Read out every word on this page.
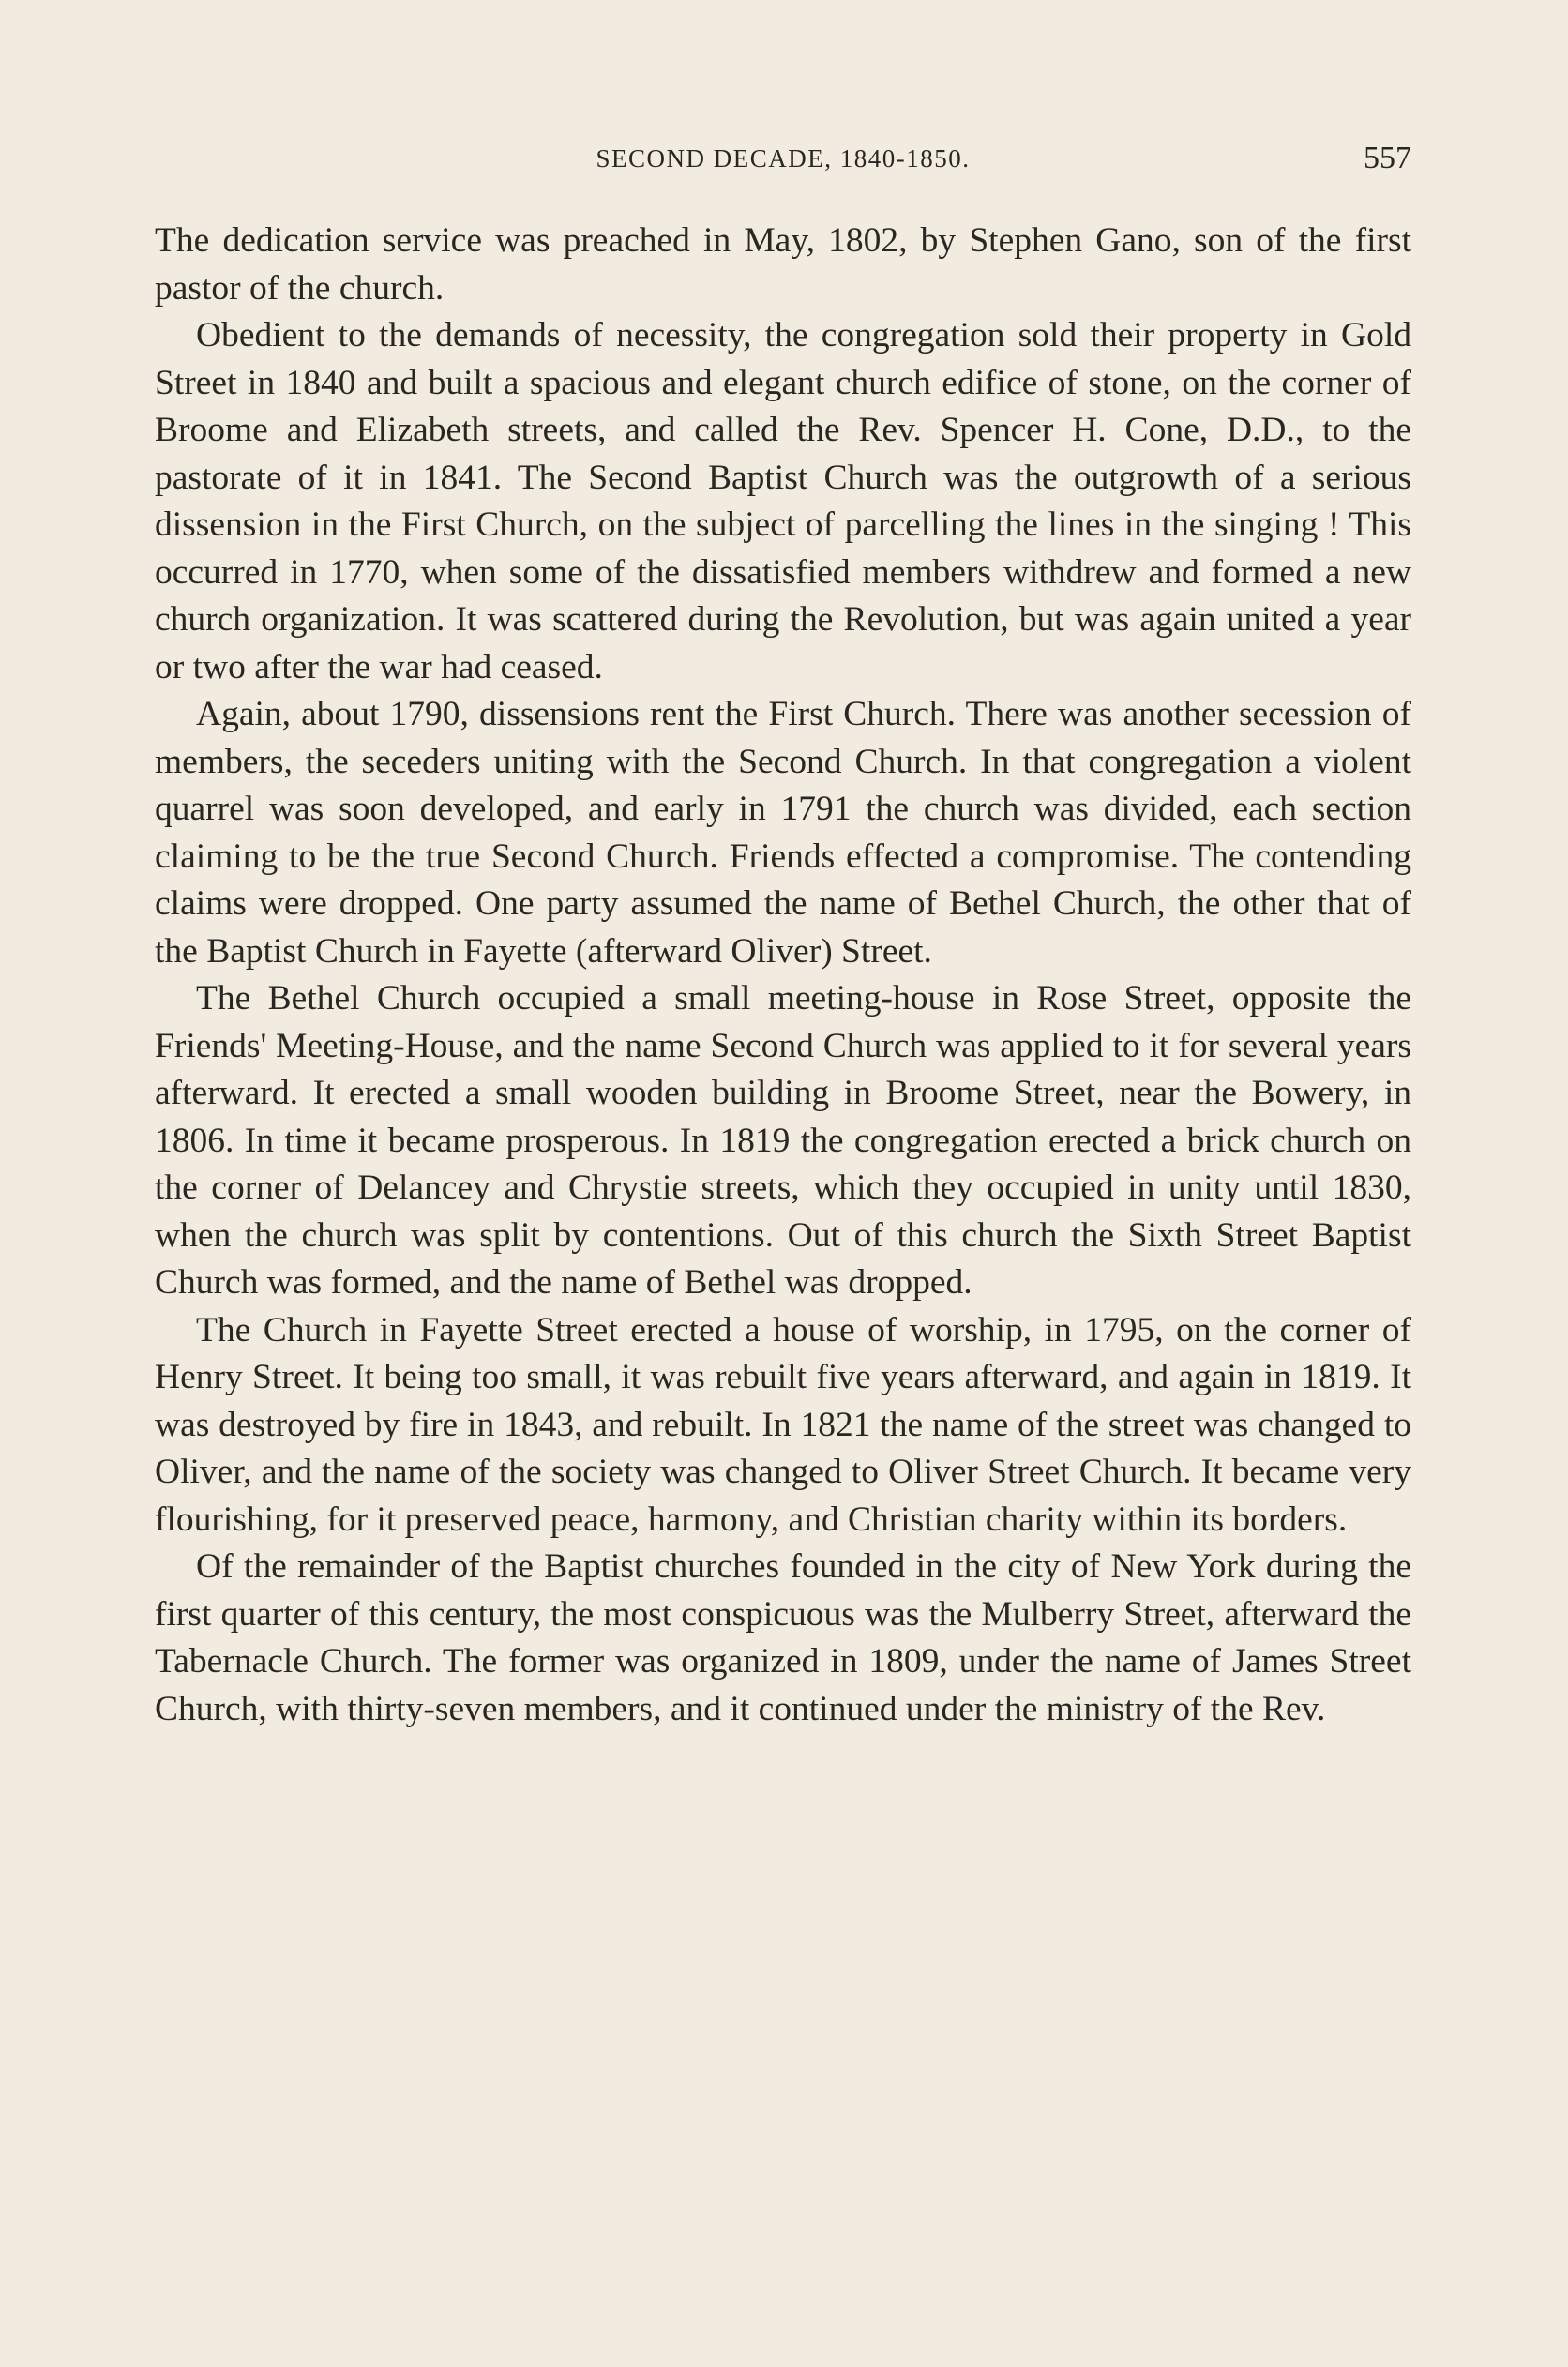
SECOND DECADE, 1840-1850.	557

The dedication service was preached in May, 1802, by Stephen Gano, son of the first pastor of the church.

Obedient to the demands of necessity, the congregation sold their property in Gold Street in 1840 and built a spacious and elegant church edifice of stone, on the corner of Broome and Elizabeth streets, and called the Rev. Spencer H. Cone, D.D., to the pastorate of it in 1841. The Second Baptist Church was the outgrowth of a serious dissension in the First Church, on the subject of parcelling the lines in the singing ! This occurred in 1770, when some of the dissatisfied members withdrew and formed a new church organization. It was scattered during the Revolution, but was again united a year or two after the war had ceased.

Again, about 1790, dissensions rent the First Church. There was another secession of members, the seceders uniting with the Second Church. In that congregation a violent quarrel was soon developed, and early in 1791 the church was divided, each section claiming to be the true Second Church. Friends effected a compromise. The contending claims were dropped. One party assumed the name of Bethel Church, the other that of the Baptist Church in Fayette (afterward Oliver) Street.

The Bethel Church occupied a small meeting-house in Rose Street, opposite the Friends' Meeting-House, and the name Second Church was applied to it for several years afterward. It erected a small wooden building in Broome Street, near the Bowery, in 1806. In time it became prosperous. In 1819 the congregation erected a brick church on the corner of Delancey and Chrystie streets, which they occupied in unity until 1830, when the church was split by contentions. Out of this church the Sixth Street Baptist Church was formed, and the name of Bethel was dropped.

The Church in Fayette Street erected a house of worship, in 1795, on the corner of Henry Street. It being too small, it was rebuilt five years afterward, and again in 1819. It was destroyed by fire in 1843, and rebuilt. In 1821 the name of the street was changed to Oliver, and the name of the society was changed to Oliver Street Church. It became very flourishing, for it preserved peace, harmony, and Christian charity within its borders.

Of the remainder of the Baptist churches founded in the city of New York during the first quarter of this century, the most conspicuous was the Mulberry Street, afterward the Tabernacle Church. The former was organized in 1809, under the name of James Street Church, with thirty-seven members, and it continued under the ministry of the Rev.
